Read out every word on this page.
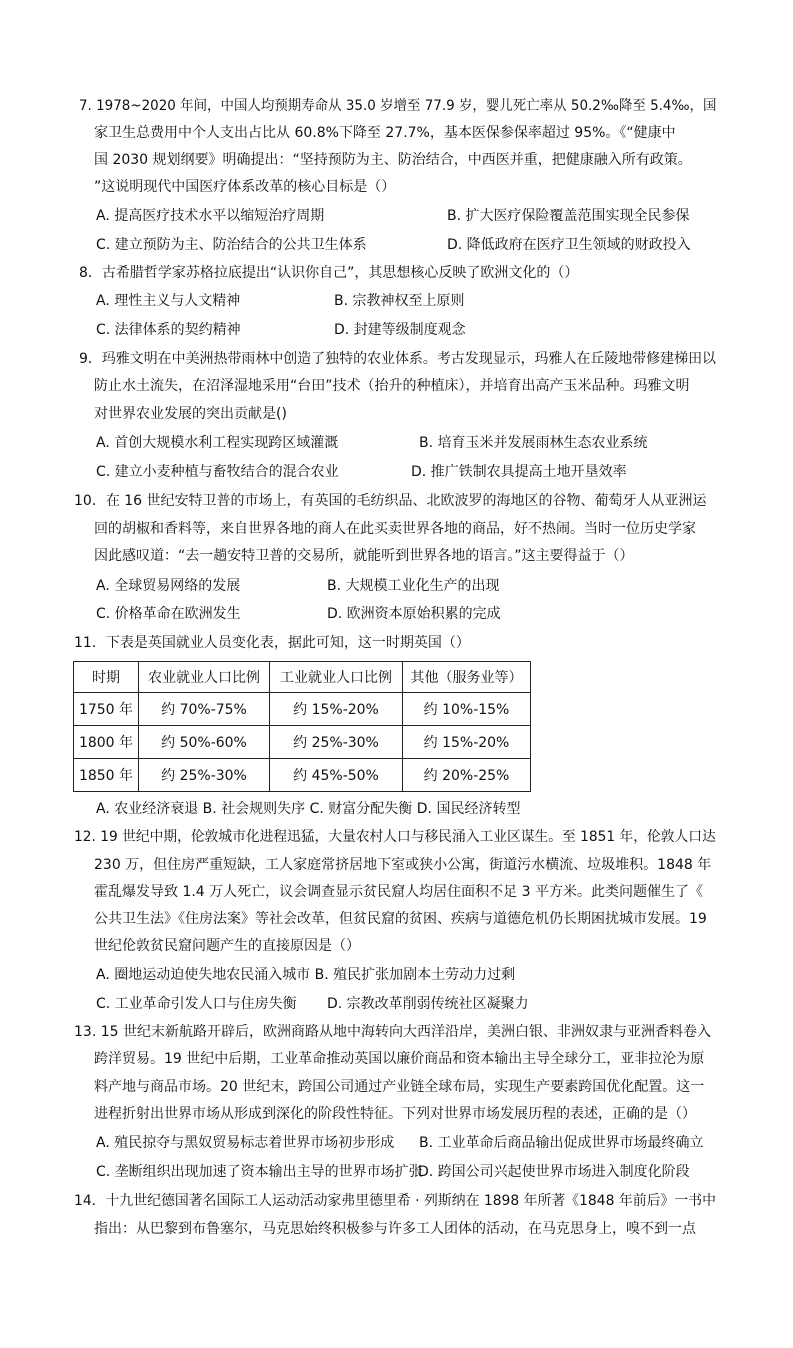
7. 1978~2020 年间，中国人均预期寿命从 35.0 岁增至 77.9 岁，婴儿死亡率从 50.2‰降至 5.4‰，国
家卫生总费用中个人支出占比从 60.8%下降至 27.7%，基本医保参保率超过 95%。《“健康中
国 2030 规划纲要》明确提出：“坚持预防为主、防治结合，中西医并重，把健康融入所有政策。
”这说明现代中国医疗体系改革的核心目标是（）
A. 提高医疗技术水平以缩短治疗周期	B. 扩大医疗保险覆盖范围实现全民参保
C. 建立预防为主、防治结合的公共卫生体系	D. 降低政府在医疗卫生领域的财政投入
8．古希腊哲学家苏格拉底提出“认识你自己”，其思想核心反映了欧洲文化的（）
A. 理性主义与人文精神	B. 宗教神权至上原则
C. 法律体系的契约精神	D. 封建等级制度观念
9．玛雅文明在中美洲热带雨林中创造了独特的农业体系。考古发现显示，玛雅人在丘陵地带修建梯田以
防止水土流失，在沼泽湿地采用“台田”技术（抬升的种植床），并培育出高产玉米品种。玛雅文明
对世界农业发展的突出贡献是()
A. 首创大规模水利工程实现跨区域灌溉	B. 培育玉米并发展雨林生态农业系统
C. 建立小麦种植与畜牧结合的混合农业	D. 推广铁制农具提高土地开垦效率
10．在 16 世纪安特卫普的市场上，有英国的毛纺织品、北欧波罗的海地区的谷物、葡萄牙人从亚洲运
回的胡椒和香料等，来自世界各地的商人在此买卖世界各地的商品，好不热闹。当时一位历史学家
因此感叹道：“去一趟安特卫普的交易所，就能听到世界各地的语言。”这主要得益于（）
A. 全球贸易网络的发展	B. 大规模工业化生产的出现
C. 价格革命在欧洲发生	D. 欧洲资本原始积累的完成
11．下表是英国就业人员变化表，据此可知，这一时期英国（）
时期	农业就业人口比例	工业就业人口比例	其他（服务业等）
1750 年	约 70%-75%	约 15%-20%	约 10%-15%
1800 年	约 50%-60%	约 25%-30%	约 15%-20%
1850 年	约 25%-30%	约 45%-50%	约 20%-25%
A. 农业经济衰退 B. 社会规则失序 C. 财富分配失衡 D. 国民经济转型
12. 19 世纪中期，伦敦城市化进程迅猛，大量农村人口与移民涌入工业区谋生。至 1851 年，伦敦人口达
230 万，但住房严重短缺，工人家庭常挤居地下室或狭小公寓，街道污水横流、垃圾堆积。1848 年
霍乱爆发导致 1.4 万人死亡，议会调查显示贫民窟人均居住面积不足 3 平方米。此类问题催生了《
公共卫生法》《住房法案》等社会改革，但贫民窟的贫困、疾病与道德危机仍长期困扰城市发展。19
世纪伦敦贫民窟问题产生的直接原因是（）
A. 圈地运动迫使失地农民涌入城市 B. 殖民扩张加剧本土劳动力过剩
C. 工业革命引发人口与住房失衡 D. 宗教改革削弱传统社区凝聚力
13. 15 世纪末新航路开辟后，欧洲商路从地中海转向大西洋沿岸，美洲白银、非洲奴隶与亚洲香料卷入
跨洋贸易。19 世纪中后期，工业革命推动英国以廉价商品和资本输出主导全球分工，亚非拉沦为原
料产地与商品市场。20 世纪末，跨国公司通过产业链全球布局，实现生产要素跨国优化配置。这一
进程折射出世界市场从形成到深化的阶段性特征。下列对世界市场发展历程的表述，正确的是（）
A. 殖民掠夺与黑奴贸易标志着世界市场初步形成 B. 工业革命后商品输出促成世界市场最终确立
C. 垄断组织出现加速了资本输出主导的世界市场扩张
D. 跨国公司兴起使世界市场进入制度化阶段
14．十九世纪德国著名国际工人运动活动家弗里德里希 · 列斯纳在 1898 年所著《1848 年前后》一书中
指出：从巴黎到布鲁塞尔，马克思始终积极参与许多工人团体的活动，在马克思身上，嗅不到一点
